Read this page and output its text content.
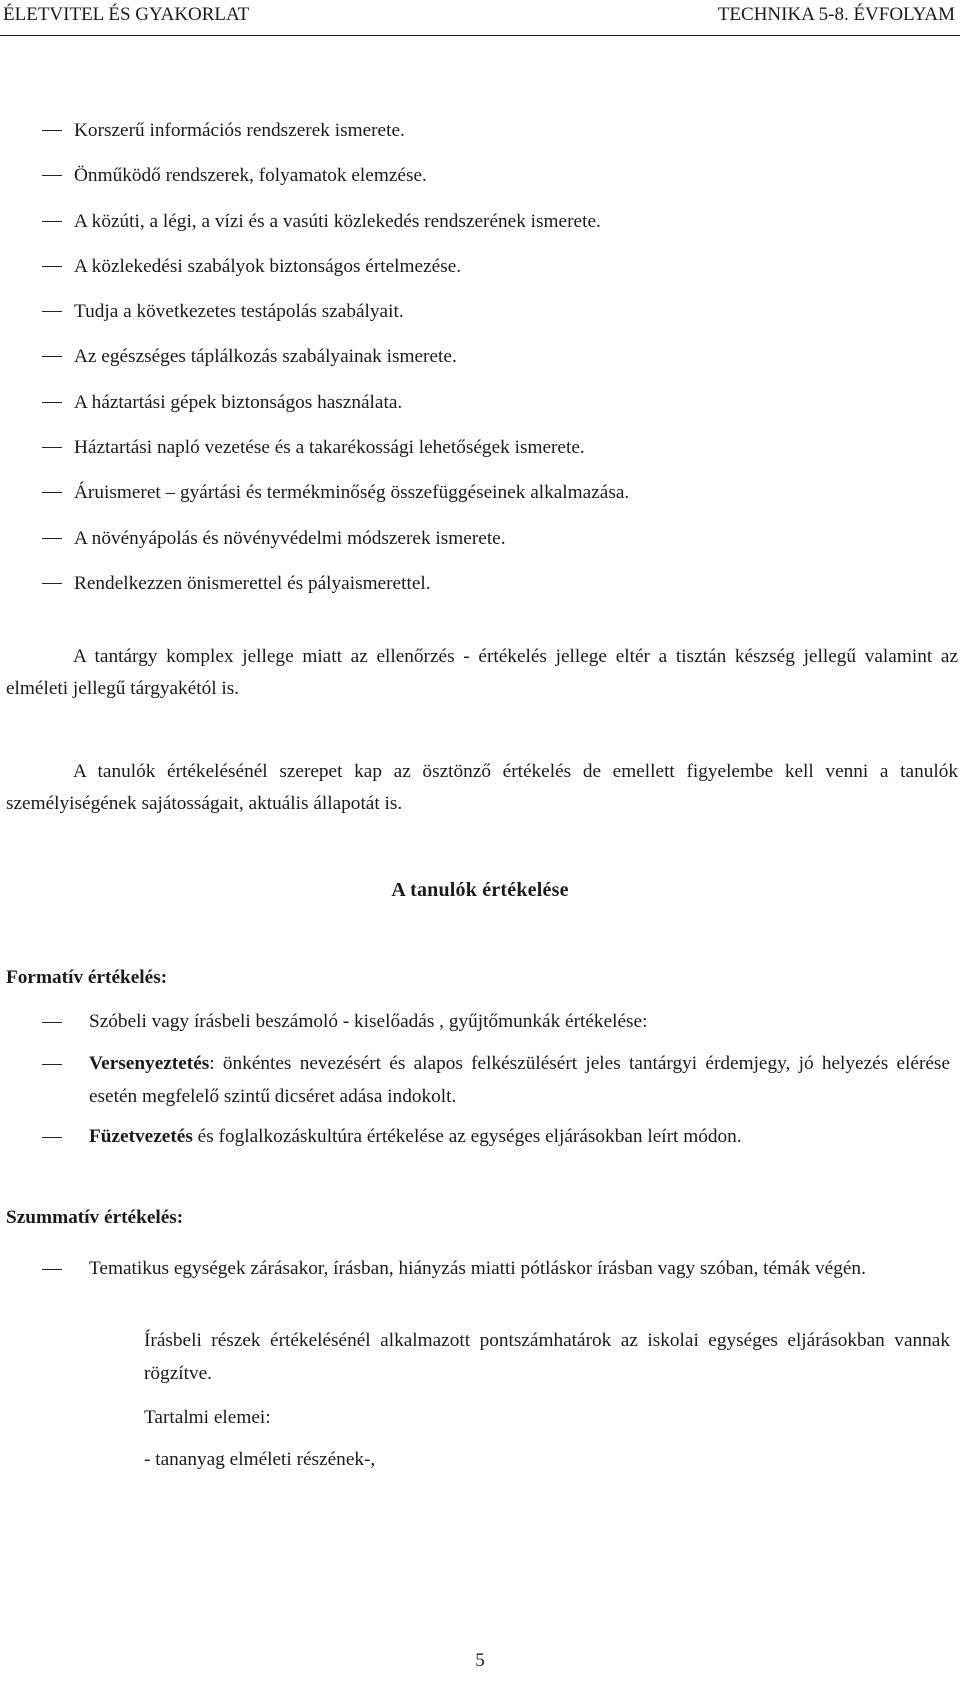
ÉLETVITEL ÉS GYAKORLAT	TECHNIKA 5-8. ÉVFOLYAM
Korszerű információs rendszerek ismerete.
Önműködő rendszerek, folyamatok elemzése.
A közúti, a légi, a vízi és a vasúti közlekedés rendszerének ismerete.
A közlekedési szabályok biztonságos értelmezése.
Tudja a következetes testápolás szabályait.
Az egészséges táplálkozás szabályainak ismerete.
A háztartási gépek biztonságos használata.
Háztartási napló vezetése és a takarékossági lehetőségek ismerete.
Áruismeret – gyártási és termékminőség összefüggéseinek alkalmazása.
A növényápolás és növényvédelmi módszerek ismerete.
Rendelkezzen önismerettel és pályaismerettel.

A tantárgy komplex jellege miatt az ellenőrzés - értékelés jellege eltér a tisztán készség jellegű valamint az elméleti jellegű tárgyakétól is.

A tanulók értékelésénél szerepet kap az ösztönző értékelés de emellett figyelembe kell venni a tanulók személyiségének sajátosságait, aktuális állapotát is.

A tanulók értékelése
Formatív értékelés:
Szóbeli vagy írásbeli beszámoló - kiselőadás , gyűjtőmunkák értékelése:
Versenyeztetés: önkéntes nevezésért és alapos felkészülésért jeles tantárgyi érdemjegy, jó helyezés elérése esetén megfelelő szintű dicséret adása indokolt.
Füzetvezetés és foglalkozáskultúra értékelése az egységes eljárásokban leírt módon.
Szummatív értékelés:
Tematikus egységek zárásakor, írásban, hiányzás miatti pótláskor írásban vagy szóban, témák végén.
Írásbeli részek értékelésénél alkalmazott pontszámhatárok az iskolai egységes eljárásokban vannak rögzítve.
Tartalmi elemei:
- tananyag elméleti részének-,
5
